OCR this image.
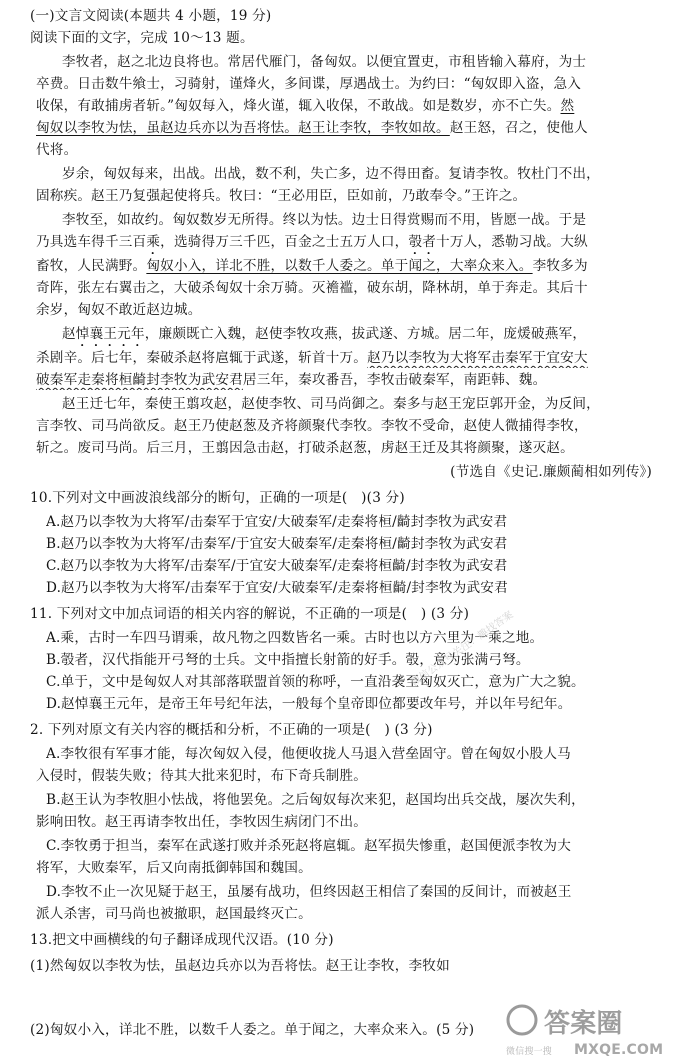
(一)文言文阅读(本题共 4 小题，19 分)
阅读下面的文字，完成 10～13 题。
李牧者，赵之北边良将也。常居代雁门，备匈奴。以便宜置吏，市租皆输入幕府，为士
卒费。日击数牛飨士，习骑射，谨烽火，多间谍，厚遇战士。为约曰：“匈奴即入盗，急入
收保，有敢捕虏者斩。”匈奴每入，烽火谨，辄入收保，不敢战。如是数岁，亦不亡失。然
匈奴以李牧为怯，虽赵边兵亦以为吾将怯。赵王让李牧，李牧如故。赵王怒，召之，使他人
代将。
岁余，匈奴每来，出战。出战，数不利，失亡多，边不得田畜。复请李牧。牧杜门不出，
固称疾。赵王乃复强起使将兵。牧曰：“王必用臣，臣如前，乃敢奉令。”王许之。
李牧至，如故约。匈奴数岁无所得。终以为怯。边士日得赏赐而不用，皆愿一战。于是
乃具选车得千三百乘，选骑得万三千匹，百金之士五万人口，彀者十万人，悉勒习战。大纵
畜牧，人民满野。匈奴小入，详北不胜，以数千人委之。单于闻之，大率众来入。李牧多为
奇阵，张左右翼击之，大破杀匈奴十余万骑。灭襜褴，破东胡，降林胡，单于奔走。其后十
余岁，匈奴不敢近赵边城。
赵悼襄王元年，廉颇既亡入魏，赵使李牧攻燕，拔武遂、方城。居二年，庞煖破燕军，
杀剧辛。后七年，秦破杀赵将扈辄于武遂，斩首十万。赵乃以李牧为大将军击秦军于宜安大
破秦军走秦将桓齮封李牧为武安君居三年，秦攻番吾，李牧击破秦军，南距韩、魏。
赵王迁七年，秦使王翦攻赵，赵使李牧、司马尚御之。秦多与赵王宠臣郭开金，为反间，
言李牧、司马尚欲反。赵王乃使赵葱及齐将颜聚代李牧。李牧不受命，赵使人微捕得李牧，
斩之。废司马尚。后三月，王翦因急击赵，打破杀赵葱，虏赵王迁及其将颜聚，遂灭赵。
(节选自《史记.廉颇蔺相如列传》)
10.下列对文中画波浪线部分的断句，正确的一项是(　)(3 分)
A.赵乃以李牧为大将军/击秦军于宜安/大破秦军/走秦将桓/齮封李牧为武安君
B.赵乃以李牧为大将军/击秦军/于宜安大破秦军/走秦将桓/齮封李牧为武安君
C.赵乃以李牧为大将军/击秦军/于宜安大破秦军/走秦将桓齮/封李牧为武安君
D.赵乃以李牧为大将军/击秦军于宜安/大破秦军/走秦将桓齮/封李牧为武安君
11. 下列对文中加点词语的相关内容的解说，不正确的一项是(　) (3 分)
A.乘，古时一车四马谓乘，故凡物之四数皆名一乘。古时也以方六里为一乘之地。
B.彀者，汉代指能开弓弩的士兵。文中指擅长射箭的好手。彀，意为张满弓弩。
C.单于，文中是匈奴人对其部落联盟首领的称呼，一直沿袭至匈奴灭亡，意为广大之貌。
D.赵悼襄王元年，是帝王年号纪年法，一般每个皇帝即位都要改年号，并以年号纪年。
2. 下列对原文有关内容的概括和分析，不正确的一项是(　) (3 分)
A.李牧很有军事才能，每次匈奴入侵，他便收拢人马退入营垒固守。曾在匈奴小股人马
入侵时，假装失败；待其大批来犯时，布下奇兵制胜。
B.赵王认为李牧胆小怯战，将他罢免。之后匈奴每次来犯，赵国均出兵交战，屡次失利，
影响田牧。赵王再请李牧出任，李牧因生病闭门不出。
C.李牧勇于担当，秦军在武遂打败并杀死赵将扈辄。赵军损失惨重，赵国便派李牧为大
将军，大败秦军，后又向南抵御韩国和魏国。
D.李牧不止一次见疑于赵王，虽屡有战功，但终因赵王相信了秦国的反间计，而被赵王
派人杀害，司马尚也被撤职，赵国最终灭亡。
13.把文中画横线的句子翻译成现代汉语。(10 分)
(1)然匈奴以李牧为怯，虽赵边兵亦以为吾将怯。赵王让李牧，李牧如
(2)匈奴小入，详北不胜，以数千人委之。单于闻之，大率众来入。(5 分)
微信公众号关注：趣找答案
答案圈
MXQE.COM
微信搜一搜
